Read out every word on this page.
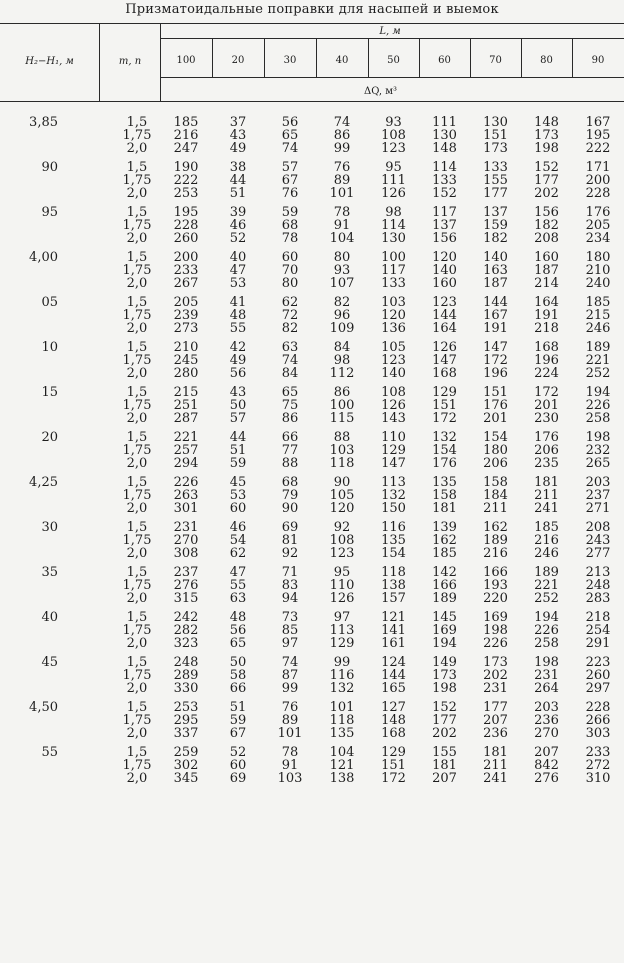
Призматоидальные поправки для насыпей и выемок
H₂−H₁, м	m, n
L, м
ΔQ, м³
100	20	30	40	50	60	70	80	90
3,85	1,5	185	37	56	74	93	111	130	148	167
	1,75	216	43	65	86	108	130	151	173	195
	2,0	247	49	74	99	123	148	173	198	222
90	1,5	190	38	57	76	95	114	133	152	171
	1,75	222	44	67	89	111	133	155	177	200
	2,0	253	51	76	101	126	152	177	202	228
95	1,5	195	39	59	78	98	117	137	156	176
	1,75	228	46	68	91	114	137	159	182	205
	2,0	260	52	78	104	130	156	182	208	234
4,00	1,5	200	40	60	80	100	120	140	160	180
	1,75	233	47	70	93	117	140	163	187	210
	2,0	267	53	80	107	133	160	187	214	240
05	1,5	205	41	62	82	103	123	144	164	185
	1,75	239	48	72	96	120	144	167	191	215
	2,0	273	55	82	109	136	164	191	218	246
10	1,5	210	42	63	84	105	126	147	168	189
	1,75	245	49	74	98	123	147	172	196	221
	2,0	280	56	84	112	140	168	196	224	252
15	1,5	215	43	65	86	108	129	151	172	194
	1,75	251	50	75	100	126	151	176	201	226
	2,0	287	57	86	115	143	172	201	230	258
20	1,5	221	44	66	88	110	132	154	176	198
	1,75	257	51	77	103	129	154	180	206	232
	2,0	294	59	88	118	147	176	206	235	265
4,25	1,5	226	45	68	90	113	135	158	181	203
	1,75	263	53	79	105	132	158	184	211	237
	2,0	301	60	90	120	150	181	211	241	271
30	1,5	231	46	69	92	116	139	162	185	208
	1,75	270	54	81	108	135	162	189	216	243
	2,0	308	62	92	123	154	185	216	246	277
35	1,5	237	47	71	95	118	142	166	189	213
	1,75	276	55	83	110	138	166	193	221	248
	2,0	315	63	94	126	157	189	220	252	283
40	1,5	242	48	73	97	121	145	169	194	218
	1,75	282	56	85	113	141	169	198	226	254
	2,0	323	65	97	129	161	194	226	258	291
45	1,5	248	50	74	99	124	149	173	198	223
	1,75	289	58	87	116	144	173	202	231	260
	2,0	330	66	99	132	165	198	231	264	297
4,50	1,5	253	51	76	101	127	152	177	203	228
	1,75	295	59	89	118	148	177	207	236	266
	2,0	337	67	101	135	168	202	236	270	303
55	1,5	259	52	78	104	129	155	181	207	233
	1,75	302	60	91	121	151	181	211	842	272
	2,0	345	69	103	138	172	207	241	276	310
